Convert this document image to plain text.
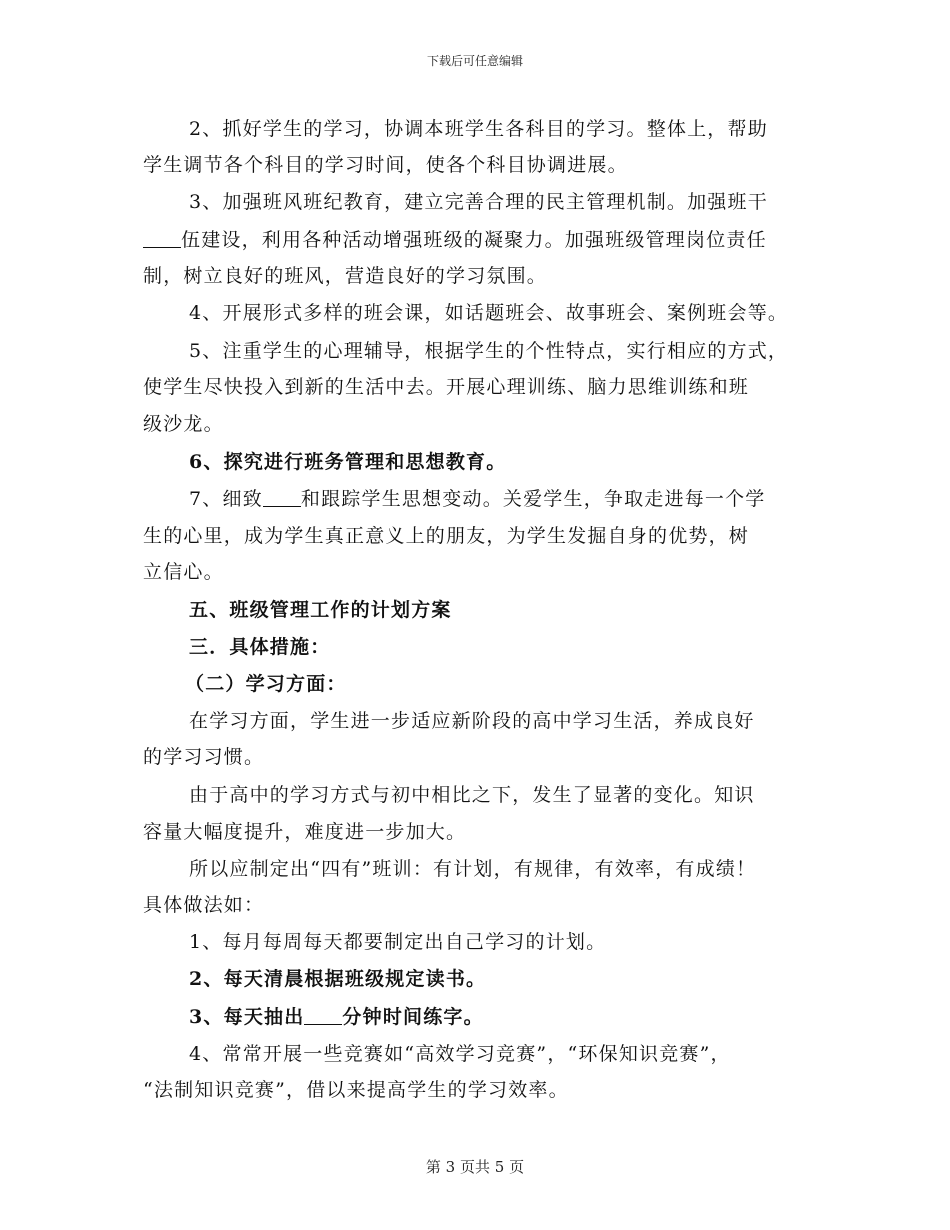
下载后可任意编辑
2、抓好学生的学习，协调本班学生各科目的学习。整体上，帮助
学生调节各个科目的学习时间，使各个科目协调进展。
3、加强班风班纪教育，建立完善合理的民主管理机制。加强班干
伍建设，利用各种活动增强班级的凝聚力。加强班级管理岗位责任
制，树立良好的班风，营造良好的学习氛围。
4、开展形式多样的班会课，如话题班会、故事班会、案例班会等。
5、注重学生的心理辅导，根据学生的个性特点，实行相应的方式，
使学生尽快投入到新的生活中去。开展心理训练、脑力思维训练和班
级沙龙。
6、探究进行班务管理和思想教育。
7、细致 和跟踪学生思想变动。关爱学生，争取走进每一个学
生的心里，成为学生真正意义上的朋友，为学生发掘自身的优势，树
立信心。
五、班级管理工作的计划方案
三．具体措施：
（二）学习方面：
在学习方面，学生进一步适应新阶段的高中学习生活，养成良好
的学习习惯。
由于高中的学习方式与初中相比之下，发生了显著的变化。知识
容量大幅度提升，难度进一步加大。
所以应制定出“四有”班训：有计划，有规律，有效率，有成绩！
具体做法如：
1、每月每周每天都要制定出自己学习的计划。
2、每天清晨根据班级规定读书。
3、每天抽出 分钟时间练字。
4、常常开展一些竞赛如“高效学习竞赛”，“环保知识竞赛”，
“法制知识竞赛”，借以来提高学生的学习效率。
第 3 页共 5 页
